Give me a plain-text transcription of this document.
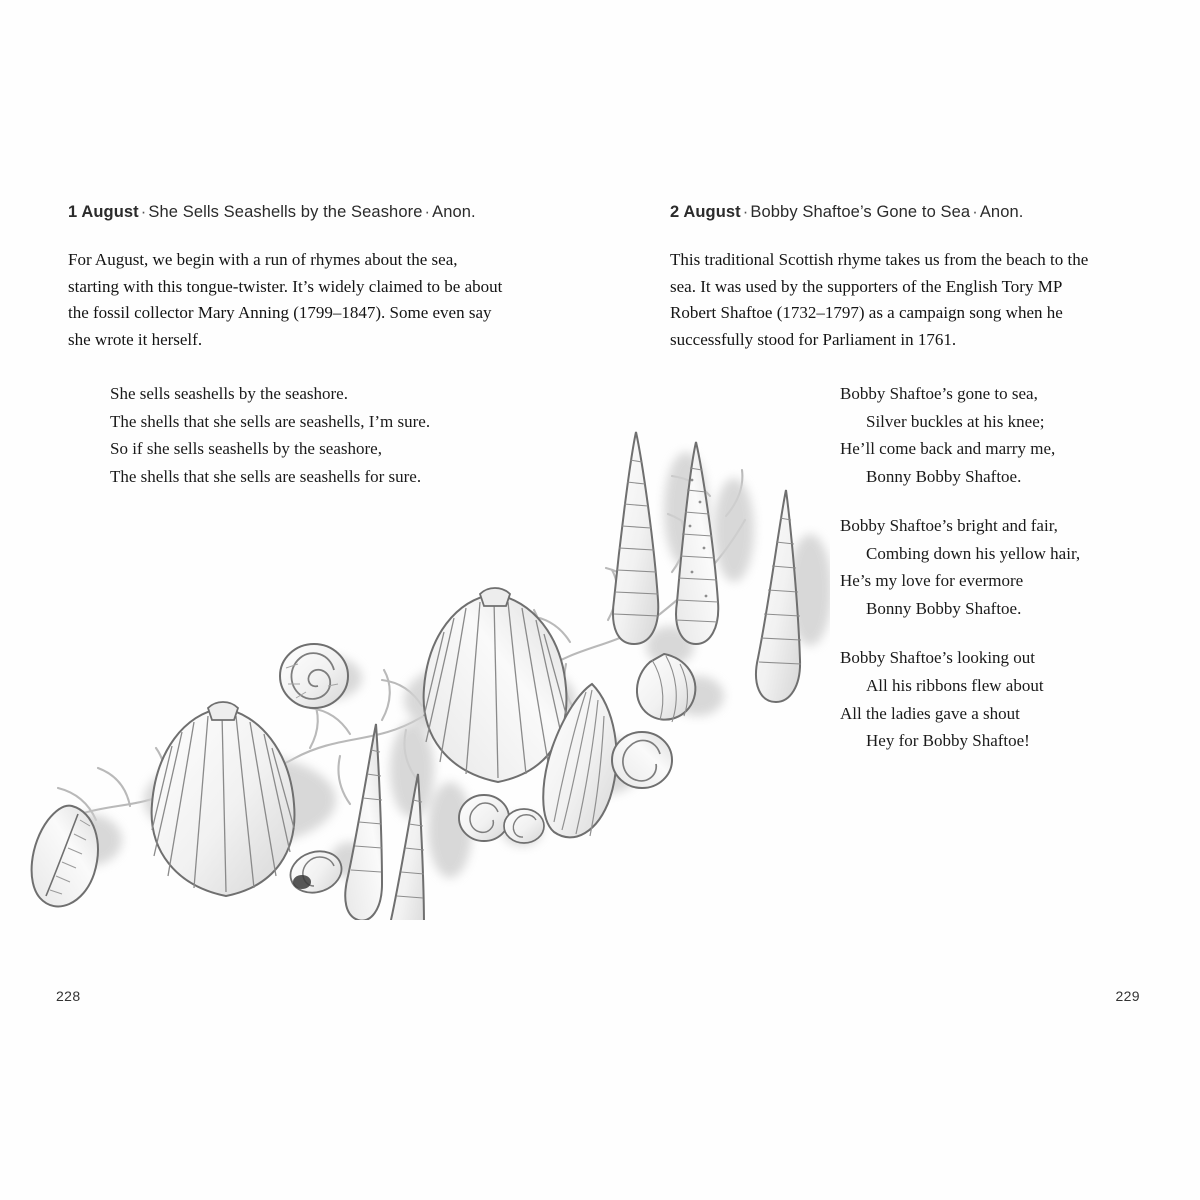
1 August · She Sells Seashells by the Seashore · Anon.

For August, we begin with a run of rhymes about the sea, starting with this tongue-twister. It’s widely claimed to be about the fossil collector Mary Anning (1799–1847). Some even say she wrote it herself.

She sells seashells by the seashore.
The shells that she sells are seashells, I’m sure.
So if she sells seashells by the seashore,
The shells that she sells are seashells for sure.
228

2 August · Bobby Shaftoe’s Gone to Sea · Anon.

This traditional Scottish rhyme takes us from the beach to the sea. It was used by the supporters of the English Tory MP Robert Shaftoe (1732–1797) as a campaign song when he successfully stood for Parliament in 1761.

Bobby Shaftoe’s gone to sea,
Silver buckles at his knee;
He’ll come back and marry me,
Bonny Bobby Shaftoe.
Bobby Shaftoe’s bright and fair,
Combing down his yellow hair,
He’s my love for evermore
Bonny Bobby Shaftoe.
Bobby Shaftoe’s looking out
All his ribbons flew about
All the ladies gave a shout
Hey for Bobby Shaftoe!
229
